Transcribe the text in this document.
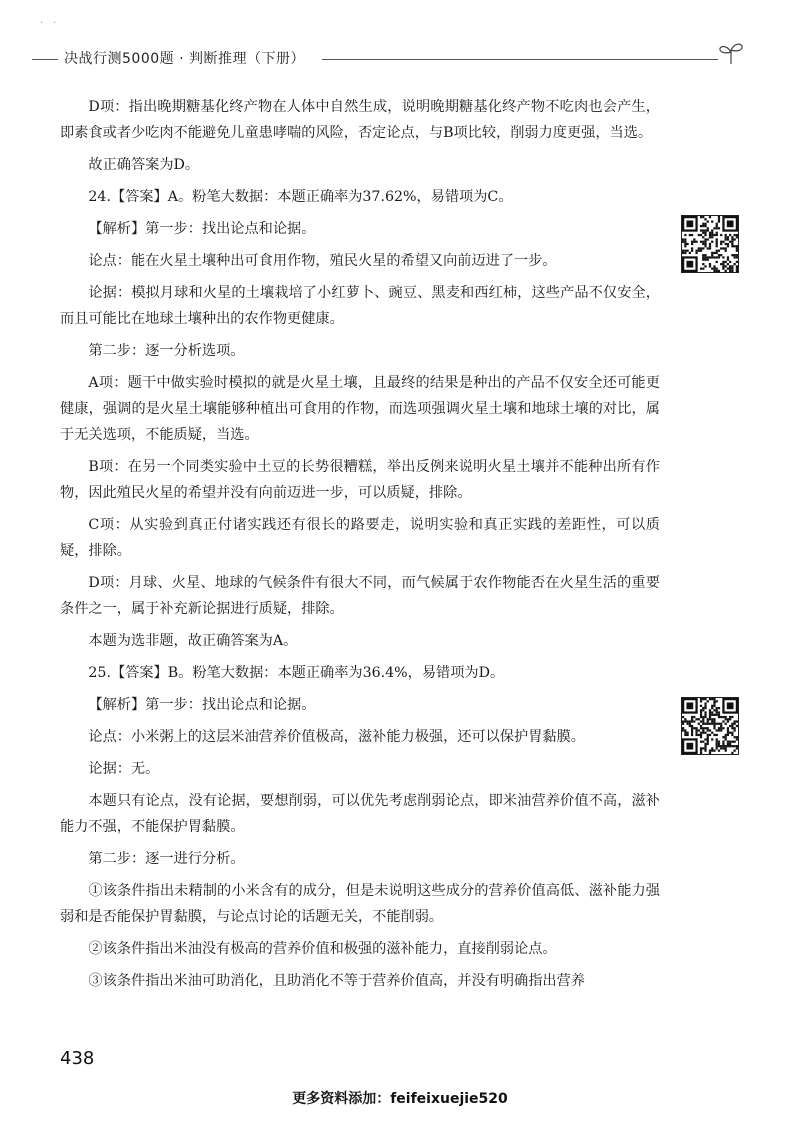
·　·
决战行测5000题 · 判断推理（下册）

D项：指出晚期糖基化终产物在人体中自然生成，说明晚期糖基化终产物不吃肉也会产生，即素食或者少吃肉不能避免儿童患哮喘的风险，否定论点，与B项比较，削弱力度更强，当选。

故正确答案为D。

24.【答案】A。粉笔大数据：本题正确率为37.62%，易错项为C。

【解析】第一步：找出论点和论据。

论点：能在火星土壤种出可食用作物，殖民火星的希望又向前迈进了一步。

论据：模拟月球和火星的土壤栽培了小红萝卜、豌豆、黑麦和西红柿，这些产品不仅安全，而且可能比在地球土壤种出的农作物更健康。

第二步：逐一分析选项。

A项：题干中做实验时模拟的就是火星土壤，且最终的结果是种出的产品不仅安全还可能更健康，强调的是火星土壤能够种植出可食用的作物，而选项强调火星土壤和地球土壤的对比，属于无关选项，不能质疑，当选。

B项：在另一个同类实验中土豆的长势很糟糕，举出反例来说明火星土壤并不能种出所有作物，因此殖民火星的希望并没有向前迈进一步，可以质疑，排除。

C项：从实验到真正付诸实践还有很长的路要走，说明实验和真正实践的差距性，可以质疑，排除。

D项：月球、火星、地球的气候条件有很大不同，而气候属于农作物能否在火星生活的重要条件之一，属于补充新论据进行质疑，排除。

本题为选非题，故正确答案为A。

25.【答案】B。粉笔大数据：本题正确率为36.4%，易错项为D。

【解析】第一步：找出论点和论据。

论点：小米粥上的这层米油营养价值极高，滋补能力极强，还可以保护胃黏膜。

论据：无。

本题只有论点，没有论据，要想削弱，可以优先考虑削弱论点，即米油营养价值不高，滋补能力不强，不能保护胃黏膜。

第二步：逐一进行分析。

①该条件指出未精制的小米含有的成分，但是未说明这些成分的营养价值高低、滋补能力强弱和是否能保护胃黏膜，与论点讨论的话题无关，不能削弱。

②该条件指出米油没有极高的营养价值和极强的滋补能力，直接削弱论点。

③该条件指出米油可助消化，且助消化不等于营养价值高，并没有明确指出营养

438
更多资料添加：feifeixuejie520
